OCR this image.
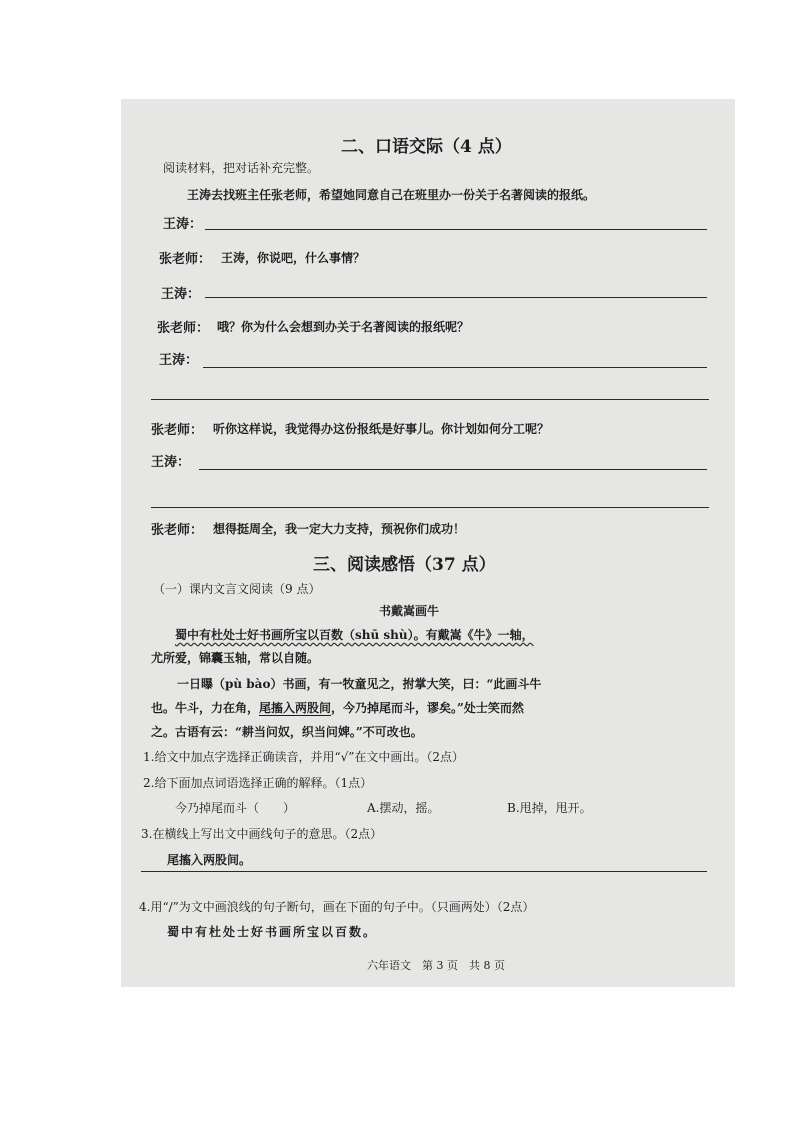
二、口语交际（4 点）
阅读材料，把对话补充完整。
王涛去找班主任张老师，希望她同意自己在班里办一份关于名著阅读的报纸。
王涛：
张老师： 王涛，你说吧，什么事情？
王涛：
张老师： 哦？你为什么会想到办关于名著阅读的报纸呢？
王涛：
张老师： 听你这样说，我觉得办这份报纸是好事儿。你计划如何分工呢？
王涛：
张老师： 想得挺周全，我一定大力支持，预祝你们成功！
三、阅读感悟（37 点）
（一）课内文言文阅读（9 点）
书戴嵩画牛
蜀中有杜处士好书画所宝以百数（shū shù）。有戴嵩《牛》一轴，
尤所爱，锦囊玉轴，常以自随。
一日曝（pù bào）书画，有一牧童见之，拊掌大笑，曰：“此画斗牛
也。牛斗，力在角，尾搐入两股间，今乃掉尾而斗，谬矣。”处士笑而然
之。古语有云：“耕当问奴，织当问婢。”不可改也。
1.给文中加点字选择正确读音，并用“√”在文中画出。（2点）
2.给下面加点词语选择正确的解释。（1点）
今乃掉尾而斗（　　）	A.摆动，摇。	B.甩掉，甩开。
3.在横线上写出文中画线句子的意思。（2点）
尾搐入两股间。
4.用“/”为文中画浪线的句子断句，画在下面的句子中。（只画两处）（2点）
蜀中有杜处士好书画所宝以百数。
六年语文　第 3 页　共 8 页
